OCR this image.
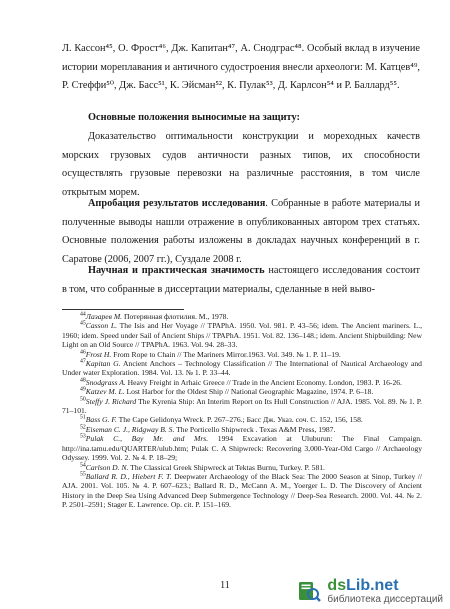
Л. Кассон⁴⁵, О. Фрост⁴⁶, Дж. Капитан⁴⁷, А. Снодграс⁴⁸. Особый вклад в изучение истории мореплавания и античного судостроения внесли археологи: М. Катцев⁴⁹, Р. Стеффи⁵⁰, Дж. Басс⁵¹, К. Эйсман⁵², К. Пулак⁵³, Д. Карлсон⁵⁴ и Р. Баллард⁵⁵.

Основные положения выносимые на защиту:

Доказательство оптимальности конструкции и мореходных качеств морских грузовых судов античности разных типов, их способности осуществлять грузовые перевозки на различные расстояния, в том числе открытым морем.

Апробация результатов исследования. Собранные в работе материалы и полученные выводы нашли отражение в опубликованных автором трех статьях. Основные положения работы изложены в докладах научных конференций в г. Саратове (2006, 2007 гг.), Суздале 2008 г.

Научная и практическая значимость настоящего исследования состоит в том, что собранные в диссертации материалы, сделанные в ней выво-

$^{44}$Лазарев М. Потерянная флотилия. М., 1978.

$^{45}$Casson L. The Isis and Her Voyage // ТРАРhA. 1950. Vol. 981. P. 43–56; idem. The Ancient mariners. L., 1960; idem. Speed under Sail of Ancient Ships // ТРАРhA. 1951. Vol. 82. 136–148.; idem. Ancient Shipbuilding: New Light on an Old Source // ТРАРhA. 1963. Vol. 94. 28–33.

$^{46}$Frost H. From Rope to Chain // The Mariners Mirror.1963. Vol. 349. № 1. P. 11–19.

$^{47}$Kapitan G. Ancient Anchors – Technology Classification // The International of Nautical Archaeology and Under water Exploration. 1984. Vol. 13. № 1. P. 33–44.

$^{48}$Snodgrass A. Heavy Freight in Arhaic Greece // Trade in the Ancient Economy. London, 1983. P. 16-26.

$^{49}$Katzev M. L. Lost Harbor for the Oldest Ship // National Geographic Magazine, 1974. P. 6–18.

$^{50}$Steffy J. Richard The Kyrenia Ship: An Interim Report on Its Hull Construction // AJA. 1985. Vol. 89. № 1. P. 71–101.

$^{51}$Bass G. F. The Cape Gelidonya Wreck. P. 267–276.; Басс Дж. Указ. соч. С. 152, 156, 158.

$^{52}$Eiseman C. J., Ridgway B. S. The Porticello Shipwreck . Texas A&M Press, 1987.

$^{53}$Pulak C., Bay Mr. and Mrs. 1994 Excavation at Uluburun: The Final Campaign. http://ina.tamu.edu/QUARTER/ulub.htm; Pulak C. A Shipwreck: Recovering 3,000-Year-Old Cargo // Archaeology Odyssey. 1999. Vol. 2. № 4. P. 18–29;

$^{54}$Carlson D. N. The Classical Greek Shipwreck at Tektas Burnu, Turkey. P. 581.

$^{55}$Ballard R. D., Hiebert F. T. Deepwater Archaeology of the Black Sea: The 2000 Season at Sinop, Turkey // AJA. 2001. Vol. 105. № 4. P. 607–623.; Ballard R. D., McCann A. M., Yoerger L. D. The Discovery of Ancient History in the Deep Sea Using Advanced Deep Submergence Technology // Deep-Sea Research. 2000. Vol. 44. № 2. P. 2501–2591; Stager E. Lawrence. Op. cit. P. 151–169.

11	dsLib.net
библиотека диссертаций
